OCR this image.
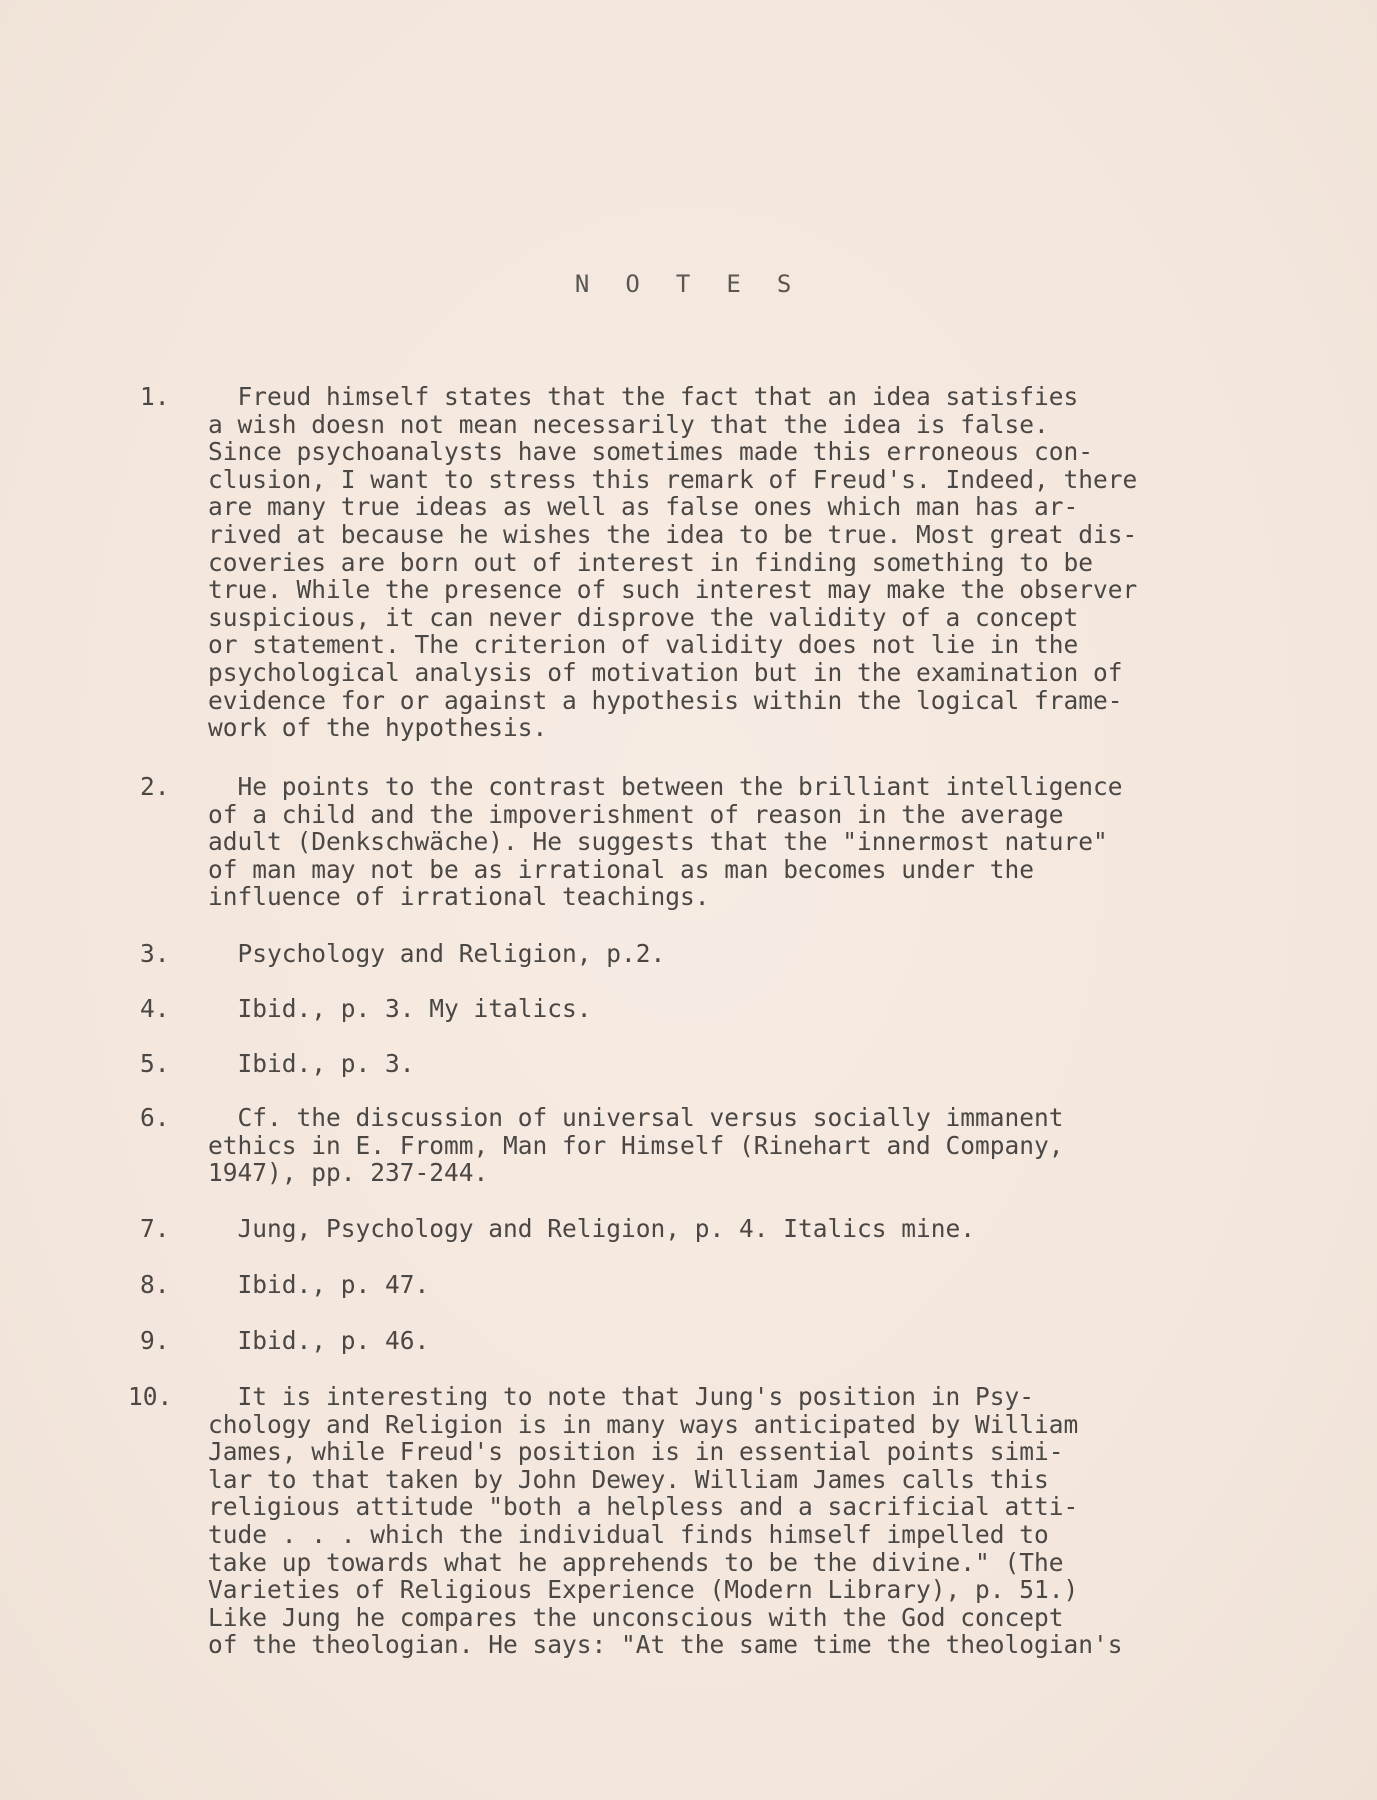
N O T E S
1.	Freud himself states that the fact that an idea satisfies
a wish doesn not mean necessarily that the idea is false.
Since psychoanalysts have sometimes made this erroneous con-
clusion, I want to stress this remark of Freud's. Indeed, there
are many true ideas as well as false ones which man has ar-
rived at because he wishes the idea to be true. Most great dis-
coveries are born out of interest in finding something to be
true. While the presence of such interest may make the observer
suspicious, it can never disprove the validity of a concept
or statement. The criterion of validity does not lie in the
psychological analysis of motivation but in the examination of
evidence for or against a hypothesis within the logical frame-
work of the hypothesis.
2.	He points to the contrast between the brilliant intelligence
of a child and the impoverishment of reason in the average
adult (Denkschwäche). He suggests that the "innermost nature"
of man may not be as irrational as man becomes under the
influence of irrational teachings.
3.	Psychology and Religion, p.2.
4.	Ibid., p. 3. My italics.
5.	Ibid., p. 3.
6.	Cf. the discussion of universal versus socially immanent
ethics in E. Fromm, Man for Himself (Rinehart and Company,
1947), pp. 237-244.
7.	Jung, Psychology and Religion, p. 4. Italics mine.
8.	Ibid., p. 47.
9.	Ibid., p. 46.
10.	It is interesting to note that Jung's position in Psy-
chology and Religion is in many ways anticipated by William
James, while Freud's position is in essential points simi-
lar to that taken by John Dewey. William James calls this
religious attitude "both a helpless and a sacrificial atti-
tude . . . which the individual finds himself impelled to
take up towards what he apprehends to be the divine." (The
Varieties of Religious Experience (Modern Library), p. 51.)
Like Jung he compares the unconscious with the God concept
of the theologian. He says: "At the same time the theologian's
